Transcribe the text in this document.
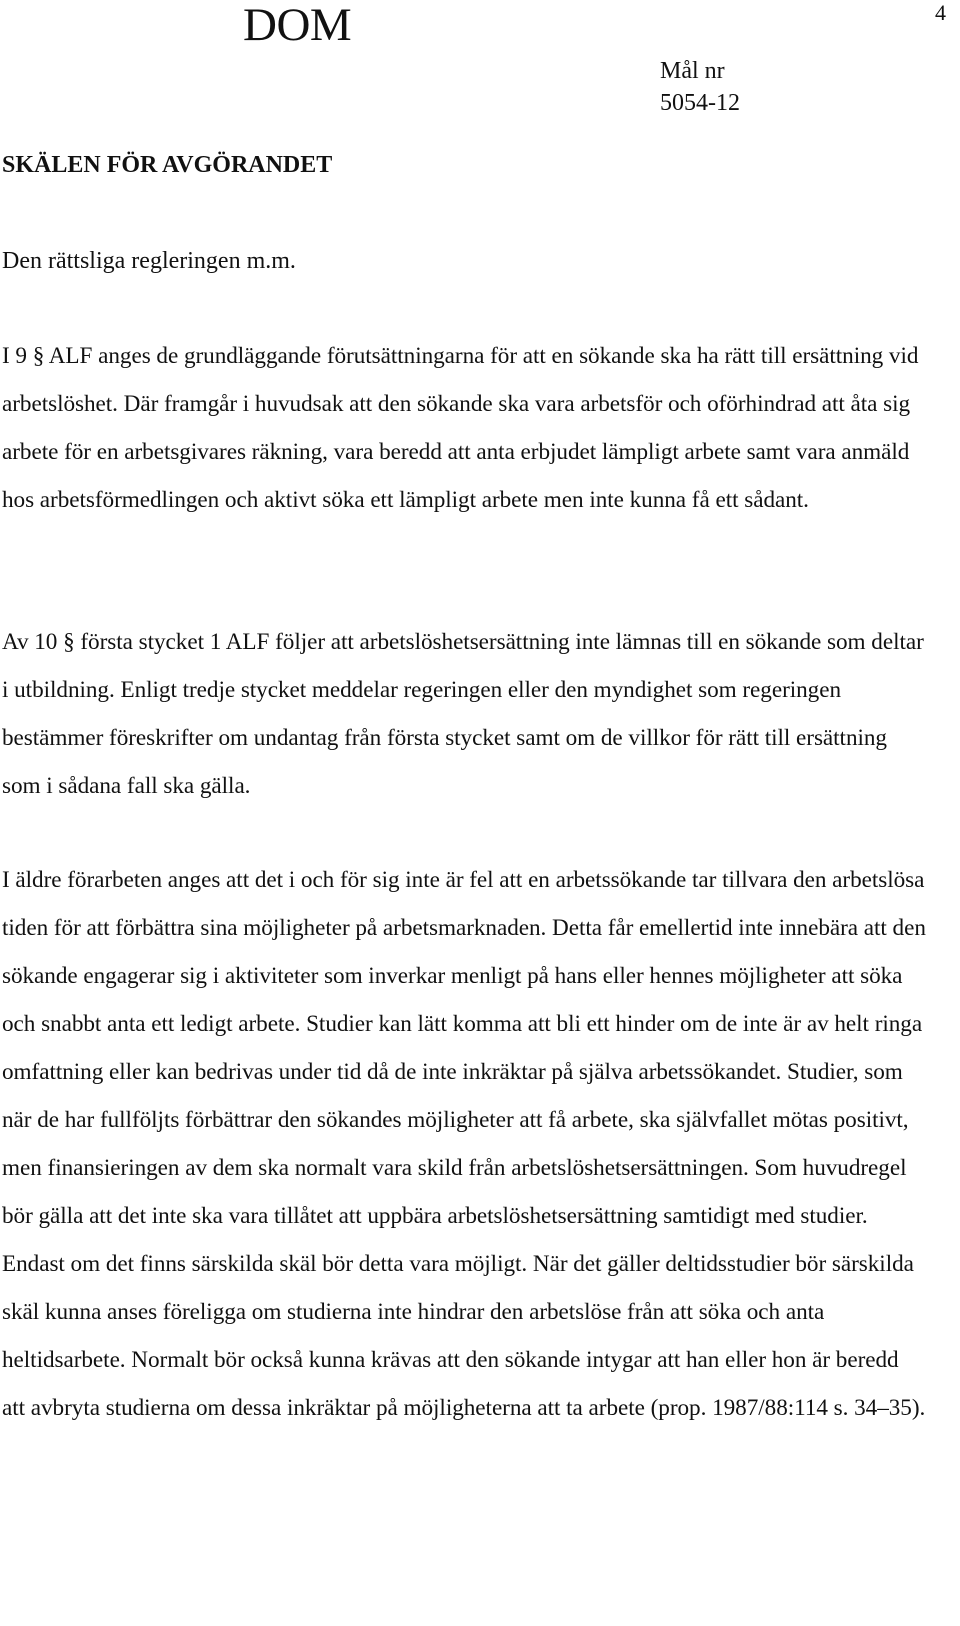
4
DOM
Mål nr
5054-12
SKÄLEN FÖR AVGÖRANDET
Den rättsliga regleringen m.m.

I 9 § ALF anges de grundläggande förutsättningarna för att en sökande ska ha rätt till ersättning vid arbetslöshet. Där framgår i huvudsak att den sökande ska vara arbetsför och oförhindrad att åta sig arbete för en arbetsgivares räkning, vara beredd att anta erbjudet lämpligt arbete samt vara anmäld hos arbetsförmedlingen och aktivt söka ett lämpligt arbete men inte kunna få ett sådant.

Av 10 § första stycket 1 ALF följer att arbetslöshetsersättning inte lämnas till en sökande som deltar i utbildning. Enligt tredje stycket meddelar regeringen eller den myndighet som regeringen bestämmer föreskrifter om undantag från första stycket samt om de villkor för rätt till ersättning som i sådana fall ska gälla.

I äldre förarbeten anges att det i och för sig inte är fel att en arbetssökande tar tillvara den arbetslösa tiden för att förbättra sina möjligheter på arbetsmarknaden. Detta får emellertid inte innebära att den sökande engagerar sig i aktiviteter som inverkar menligt på hans eller hennes möjligheter att söka och snabbt anta ett ledigt arbete. Studier kan lätt komma att bli ett hinder om de inte är av helt ringa omfattning eller kan bedrivas under tid då de inte inkräktar på själva arbetssökandet. Studier, som när de har fullföljts förbättrar den sökandes möjligheter att få arbete, ska självfallet mötas positivt, men finansieringen av dem ska normalt vara skild från arbetslöshetsersättningen. Som huvudregel bör gälla att det inte ska vara tillåtet att uppbära arbetslöshetsersättning samtidigt med studier. Endast om det finns särskilda skäl bör detta vara möjligt. När det gäller deltidsstudier bör särskilda skäl kunna anses föreligga om studierna inte hindrar den arbetslöse från att söka och anta heltidsarbete. Normalt bör också kunna krävas att den sökande intygar att han eller hon är beredd att avbryta studierna om dessa inkräktar på möjligheterna att ta arbete (prop. 1987/88:114 s. 34–35).
